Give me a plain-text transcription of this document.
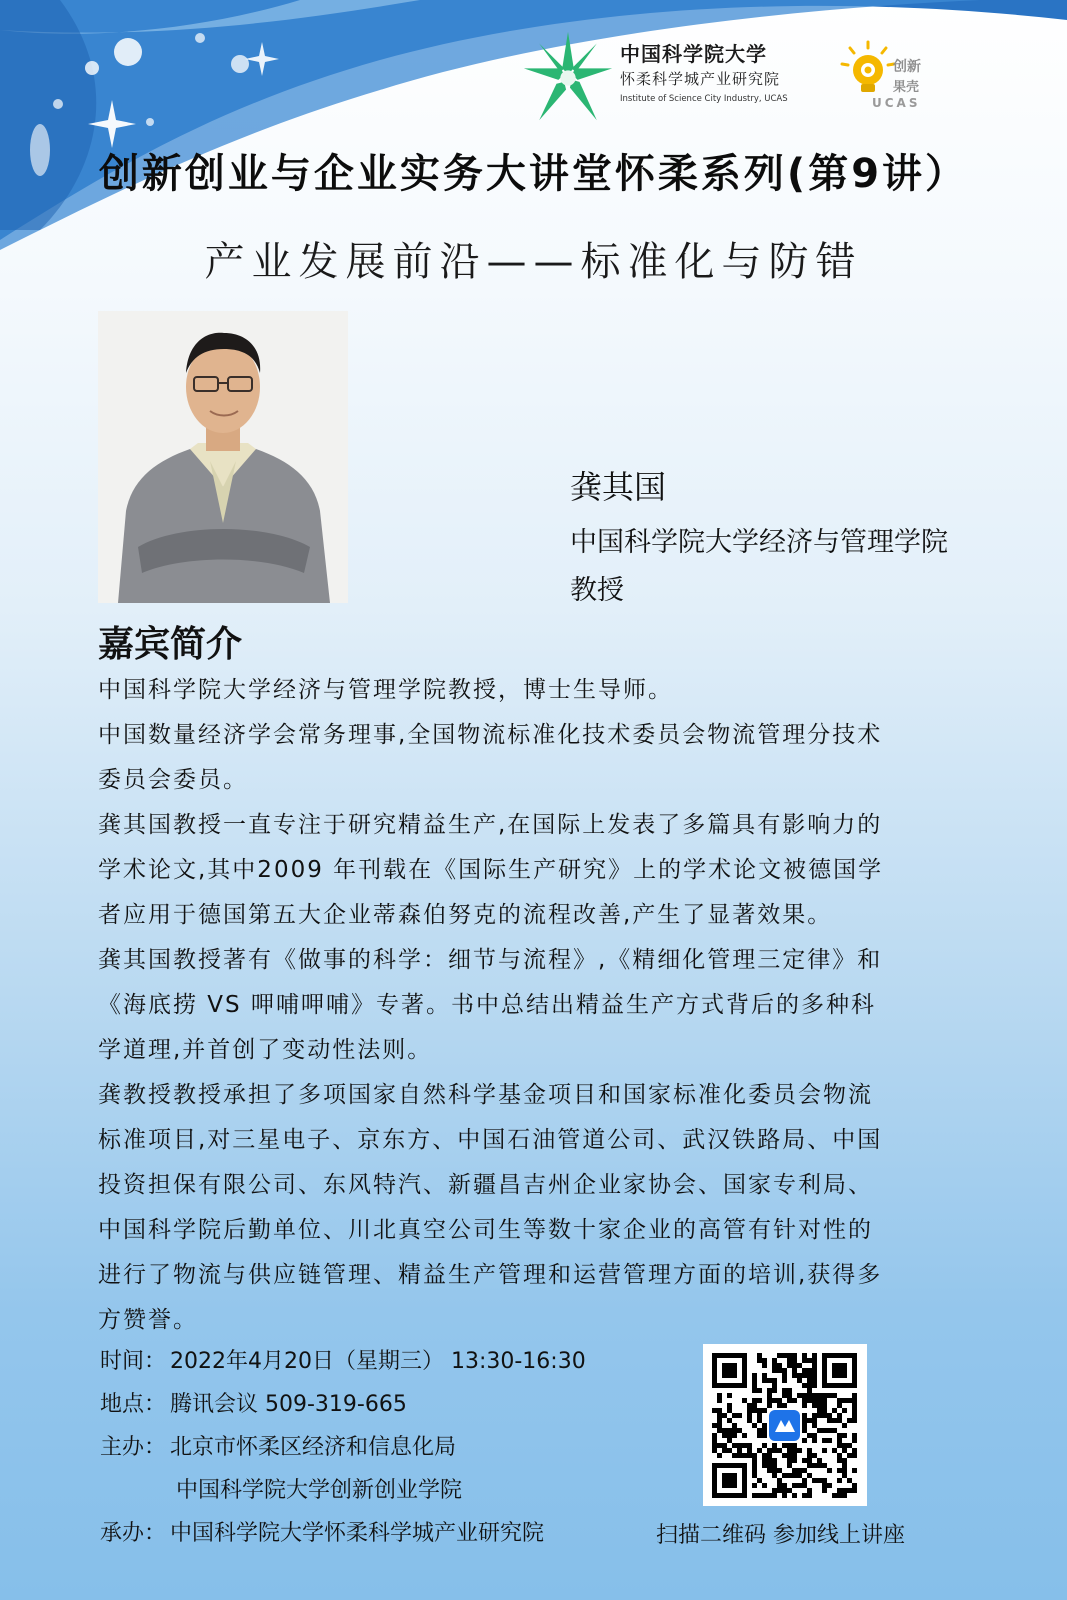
中国科学院大学
怀柔科学城产业研究院
Institute of Science City Industry, UCAS
创新
果壳
UCAS
创新创业与企业实务大讲堂怀柔系列(第9讲）
产业发展前沿——标准化与防错
龚其国
中国科学院大学经济与管理学院
教授
嘉宾简介
中国科学院大学经济与管理学院教授，博士生导师。
中国数量经济学会常务理事,全国物流标准化技术委员会物流管理分技术
委员会委员。
龚其国教授一直专注于研究精益生产,在国际上发表了多篇具有影响力的
学术论文,其中2009 年刊载在《国际生产研究》上的学术论文被德国学
者应用于德国第五大企业蒂森伯努克的流程改善,产生了显著效果。
龚其国教授著有《做事的科学：细节与流程》,《精细化管理三定律》和
《海底捞 VS 呷哺呷哺》专著。书中总结出精益生产方式背后的多种科
学道理,并首创了变动性法则。
龚教授教授承担了多项国家自然科学基金项目和国家标准化委员会物流
标准项目,对三星电子、京东方、中国石油管道公司、武汉铁路局、中国
投资担保有限公司、东风特汽、新疆昌吉州企业家协会、国家专利局、
中国科学院后勤单位、川北真空公司生等数十家企业的高管有针对性的
进行了物流与供应链管理、精益生产管理和运营管理方面的培训,获得多
方赞誉。
时间： 2022年4月20日（星期三） 13:30-16:30
地点： 腾讯会议 509-319-665
主办： 北京市怀柔区经济和信息化局
中国科学院大学创新创业学院
承办： 中国科学院大学怀柔科学城产业研究院	扫描二维码 参加线上讲座
